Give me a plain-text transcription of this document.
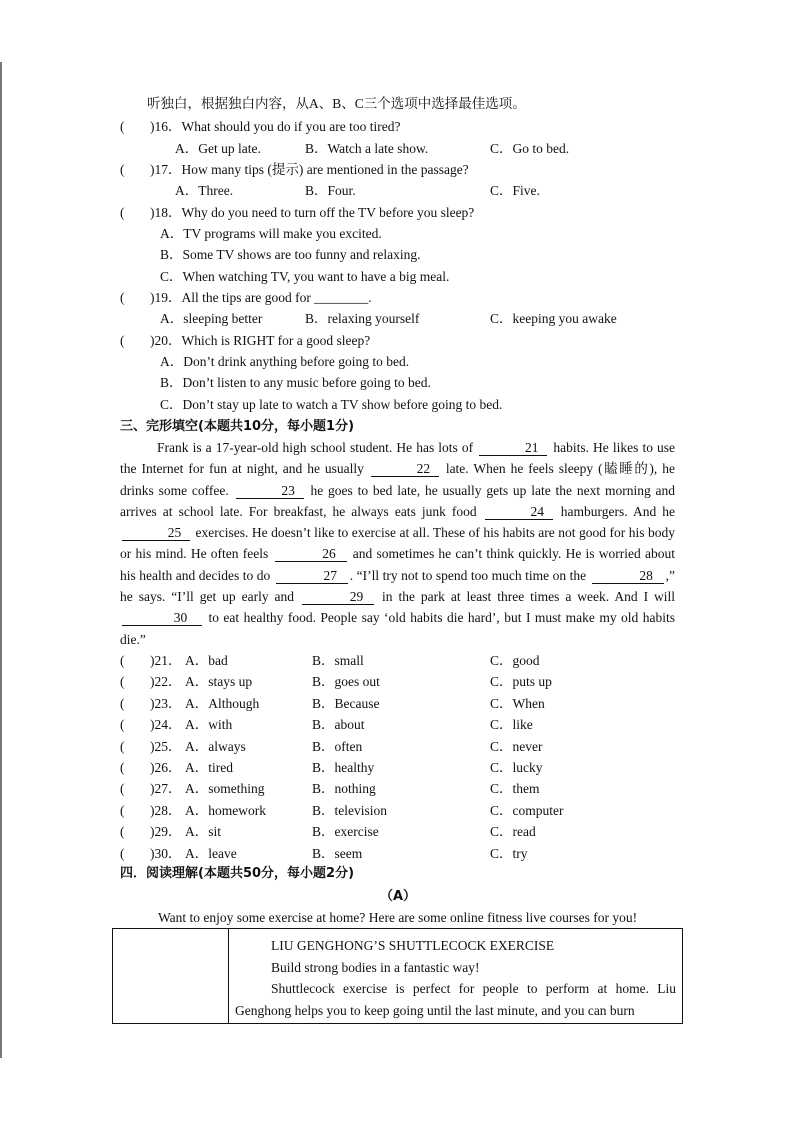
听独白，根据独白内容，从A、B、C三个选项中选择最佳选项。
( )16．What should you do if you are too tired?
A．Get up late.	B．Watch a late show.	C．Go to bed.
( )17．How many tips (提示) are mentioned in the passage?
A．Three.	B．Four.	C．Five.
( )18．Why do you need to turn off the TV before you sleep?
A．TV programs will make you excited.
B．Some TV shows are too funny and relaxing.
C．When watching TV, you want to have a big meal.
( )19．All the tips are good for ________.
A．sleeping better	B．relaxing yourself	C．keeping you awake
( )20．Which is RIGHT for a good sleep?
A．Don’t drink anything before going to bed.
B．Don’t listen to any music before going to bed.
C．Don’t stay up late to watch a TV show before going to bed.
三、完形填空(本题共10分，每小题1分)
Frank is a 17-year-old high school student. He has lots of	21 habits. He likes to use the Internet for fun at night, and he usually	22 late. When he feels sleepy (瞌睡的), he drinks some coffee.	23 he goes to bed late, he usually gets up late the next morning and arrives at school late. For breakfast, he always eats junk food	24 hamburgers. And he 25 exercises. He doesn’t like to exercise at all. These of his habits are not good for his body or his mind. He often feels	26 and sometimes he can’t think quickly. He is worried about his health and decides to do	27 . “I’ll try not to spend too much time on the	28 ,” he says. “I’ll get up early and	29 in the park at least three times a week. And I will 30 to eat healthy food. People say ‘old habits die hard’, but I must make my old habits die.”
( )21． A．bad	B．small	C．good
( )22． A．stays up	B．goes out	C．puts up
( )23． A．Although	B．Because	C．When
( )24． A．with	B．about	C．like
( )25． A．always	B．often	C．never
( )26． A．tired	B．healthy	C．lucky
( )27． A．something	B．nothing	C．them
( )28． A．homework	B．television	C．computer
( )29． A．sit	B．exercise	C．read
( )30． A．leave	B．seem	C．try
四．阅读理解(本题共50分，每小题2分)
（A）
Want to enjoy some exercise at home? Here are some online fitness live courses for you!

LIU GENGHONG’S SHUTTLECOCK EXERCISE
Build strong bodies in a fantastic way!
Shuttlecock exercise is perfect for people to perform at home. Liu Genghong helps you to keep going until the last minute, and you can burn
